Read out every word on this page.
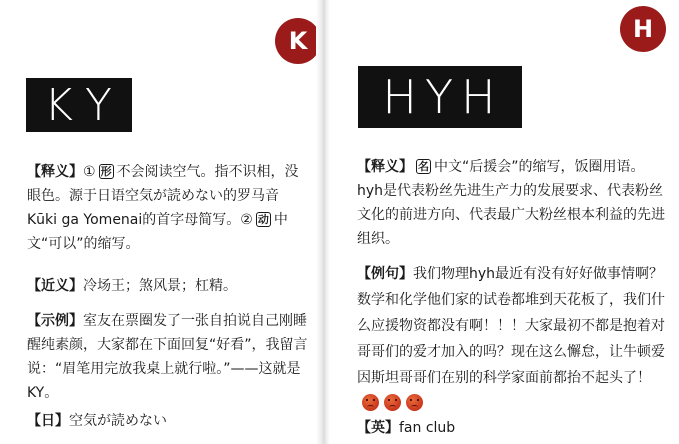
K
KY
【释义】① 形 不会阅读空气。指不识相，没眼色。源于日语空気が読めない的罗马音Kūki ga Yomenai的首字母简写。② 动 中文“可以”的缩写。
【近义】冷场王；煞风景；杠精。
【示例】室友在票圈发了一张自拍说自己刚睡醒纯素颜，大家都在下面回复“好看”，我留言说：“眉笔用完放我桌上就行啦。”——这就是KY。
【日】空気が読めない
H
HYH
【释义】 名 中文“后援会”的缩写，饭圈用语。hyh是代表粉丝先进生产力的发展要求、代表粉丝文化的前进方向、代表最广大粉丝根本利益的先进组织。
【例句】我们物理hyh最近有没有好好做事情啊？数学和化学他们家的试卷都堆到天花板了，我们什么应援物资都没有啊！！！大家最初不都是抱着对哥哥们的爱才加入的吗？现在这么懈怠，让牛顿爱因斯坦哥哥们在别的科学家面前都抬不起头了！
【英】fan club
